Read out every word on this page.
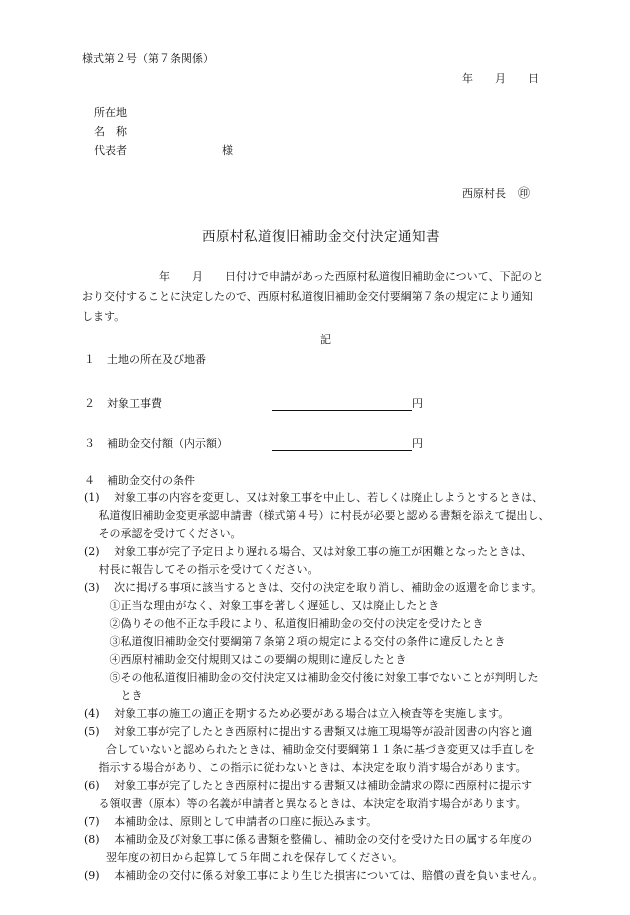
様式第２号（第７条関係）
年　　月　　日
所在地
名　称
代表者	様
西原村長 ㊞
西原村私道復旧補助金交付決定通知書
　　　　　　　年　　月　　日付けで申請があった西原村私道復旧補助金について、下記のと
おり交付することに決定したので、西原村私道復旧補助金交付要綱第７条の規定により通知
します。
記
１ 土地の所在及び地番
２ 対象工事費	円
３ 補助金交付額（内示額）	円
４ 補助金交付の条件
(1)　 対象工事の内容を変更し、又は対象工事を中止し、若しくは廃止しようとするときは、
　 私道復旧補助金変更承認申請書（様式第４号）に村長が必要と認める書類を添えて提出し、
　 その承認を受けてください。
(2)　 対象工事が完了予定日より遅れる場合、又は対象工事の施工が困難となったときは、
　 村長に報告してその指示を受けてください。
(3)　 次に掲げる事項に該当するときは、交付の決定を取り消し、補助金の返還を命じます。
　　 ①正当な理由がなく、対象工事を著しく遅延し、又は廃止したとき
　　 ②偽りその他不正な手段により、私道復旧補助金の交付の決定を受けたとき
　　 ③私道復旧補助金交付要綱第７条第２項の規定による交付の条件に違反したとき
　　 ④西原村補助金交付規則又はこの要綱の規則に違反したとき
　　 ⑤その他私道復旧補助金の交付決定又は補助金交付後に対象工事でないことが判明した
　　　 とき
(4)　 対象工事の施工の適正を期するため必要がある場合は立入検査等を実施します。
(5)　 対象工事が完了したとき西原村に提出する書類又は施工現場等が設計図書の内容と適
　　合していないと認められたときは、補助金交付要綱第１１条に基づき変更又は手直しを
　 指示する場合があり、この指示に従わないときは、本決定を取り消す場合があります。
(6)　 対象工事が完了したとき西原村に提出する書類又は補助金請求の際に西原村に提示す
　 る領収書（原本）等の名義が申請者と異なるときは、本決定を取消す場合があります。
(7)　 本補助金は、原則として申請者の口座に振込みます。
(8)　 本補助金及び対象工事に係る書類を整備し、補助金の交付を受けた日の属する年度の
　　翌年度の初日から起算して５年間これを保存してください。
(9)　 本補助金の交付に係る対象工事により生じた損害については、賠償の責を負いません。
